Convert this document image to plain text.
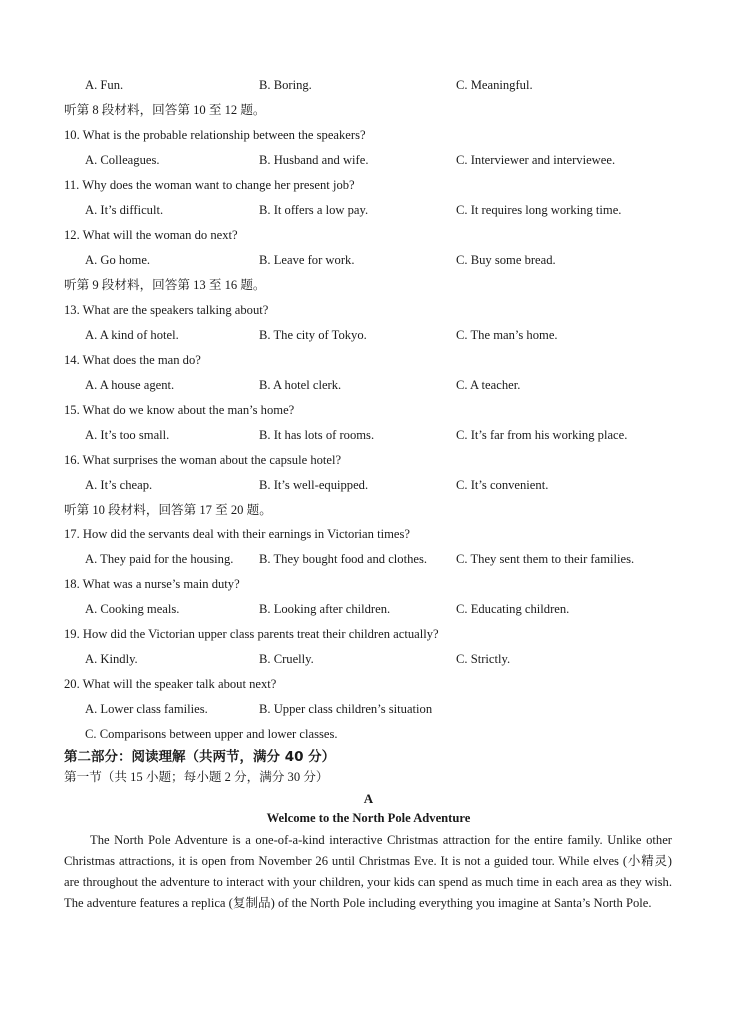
A. Fun.	B. Boring.	C. Meaningful.
听第 8 段材料，回答第 10 至 12 题。
10. What is the probable relationship between the speakers?
A. Colleagues.	B. Husband and wife.	C. Interviewer and interviewee.
11. Why does the woman want to change her present job?
A. It’s difficult.	B. It offers a low pay.	C. It requires long working time.
12. What will the woman do next?
A. Go home.	B. Leave for work.	C. Buy some bread.
听第 9 段材料，回答第 13 至 16 题。
13. What are the speakers talking about?
A. A kind of hotel.	B. The city of Tokyo.	C. The man’s home.
14. What does the man do?
A. A house agent.	B. A hotel clerk.	C. A teacher.
15. What do we know about the man’s home?
A. It’s too small.	B. It has lots of rooms.	C. It’s far from his working place.
16. What surprises the woman about the capsule hotel?
A. It’s cheap.	B. It’s well-equipped.	C. It’s convenient.
听第 10 段材料，回答第 17 至 20 题。
17. How did the servants deal with their earnings in Victorian times?
A. They paid for the housing. B. They bought food and clothes. C. They sent them to their families.
18. What was a nurse’s main duty?
A. Cooking meals.	B. Looking after children.	C. Educating children.
19. How did the Victorian upper class parents treat their children actually?
A. Kindly.	B. Cruelly.	C. Strictly.
20. What will the speaker talk about next?
A. Lower class families.	B. Upper class children’s situation
C. Comparisons between upper and lower classes.
第二部分：阅读理解（共两节，满分 40 分）
第一节（共 15 小题；每小题 2 分，满分 30 分）
A
Welcome to the North Pole Adventure
The North Pole Adventure is a one-of-a-kind interactive Christmas attraction for the entire family. Unlike other Christmas attractions, it is open from November 26 until Christmas Eve. It is not a guided tour. While elves (小精灵) are throughout the adventure to interact with your children, your kids can spend as much time in each area as they wish. The adventure features a replica (复制品) of the North Pole including everything you imagine at Santa’s North Pole.
